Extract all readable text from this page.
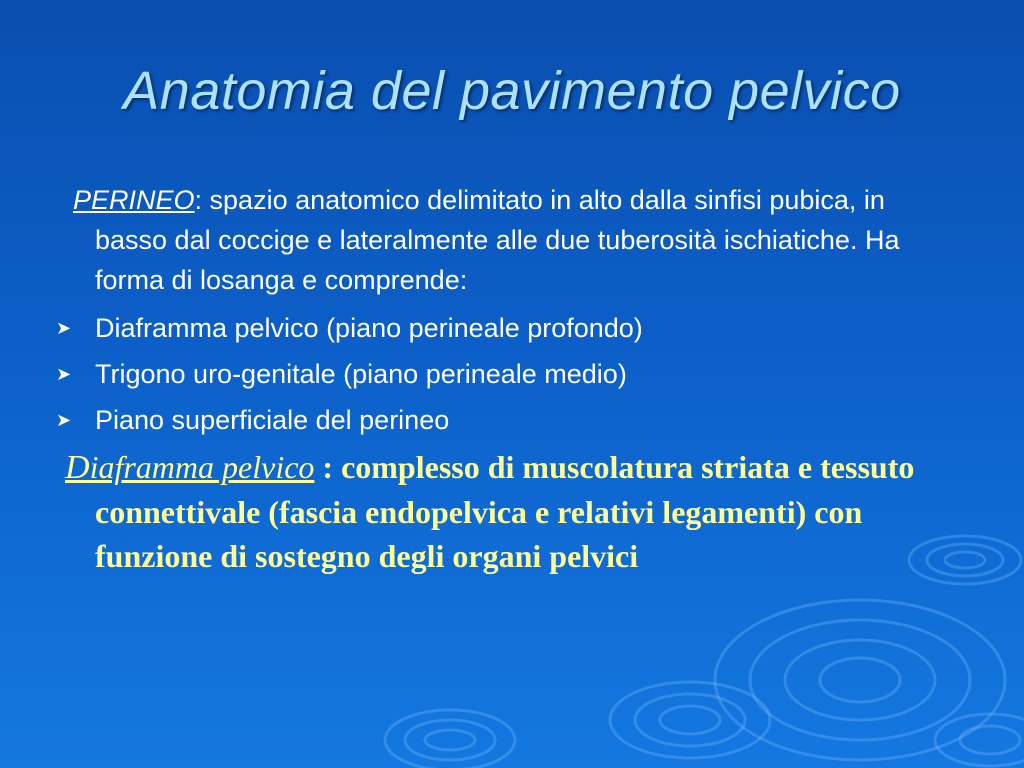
Anatomia del pavimento pelvico

PERINEO: spazio anatomico delimitato in alto dalla sinfisi pubica, in basso dal coccige e lateralmente alle due tuberosità ischiatiche. Ha forma di losanga e comprende:

➤ Diaframma pelvico (piano perineale profondo)
➤ Trigono uro-genitale (piano perineale medio)
➤ Piano superficiale del perineo

Diaframma pelvico : complesso di muscolatura striata e tessuto connettivale (fascia endopelvica e relativi legamenti) con funzione di sostegno degli organi pelvici
